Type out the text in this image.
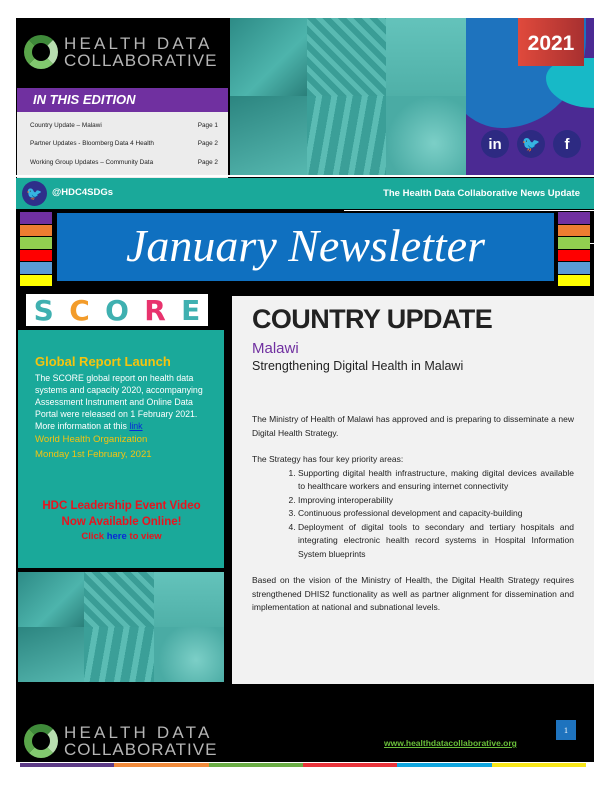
HEALTH DATA
COLLABORATIVE
IN THIS EDITION
Country Update – Malawi	Page 1
Partner Updates - Bloomberg Data 4 Health	Page 2
Working Group Updates – Community Data	Page 2
2021
in	🐦	f
🐦 @HDC4SDGs	The Health Data Collaborative News Update
January Newsletter
S C O R E
Global Report Launch
The SCORE global report on health data systems and capacity 2020, accompanying Assessment Instrument and Online Data Portal were released on 1 February 2021.
More information at this link
World Health Organization
Monday 1st February, 2021
HDC Leadership Event Video
Now Available Online!
Click here to view
COUNTRY UPDATE
Malawi
Strengthening Digital Health in Malawi

The Ministry of Health of Malawi has approved and is preparing to disseminate a new Digital Health Strategy.

The Strategy has four key priority areas:

1. Supporting digital health infrastructure, making digital devices available to healthcare workers and ensuring internet connectivity
2. Improving interoperability
3. Continuous professional development and capacity-building
4. Deployment of digital tools to secondary and tertiary hospitals and integrating electronic health record systems in Hospital Information System blueprints

Based on the vision of the Ministry of Health, the Digital Health Strategy requires strengthened DHIS2 functionality as well as partner alignment for dissemination and implementation at national and subnational levels.

HEALTH DATA
COLLABORATIVE	www.healthdatacollaborative.org
1
